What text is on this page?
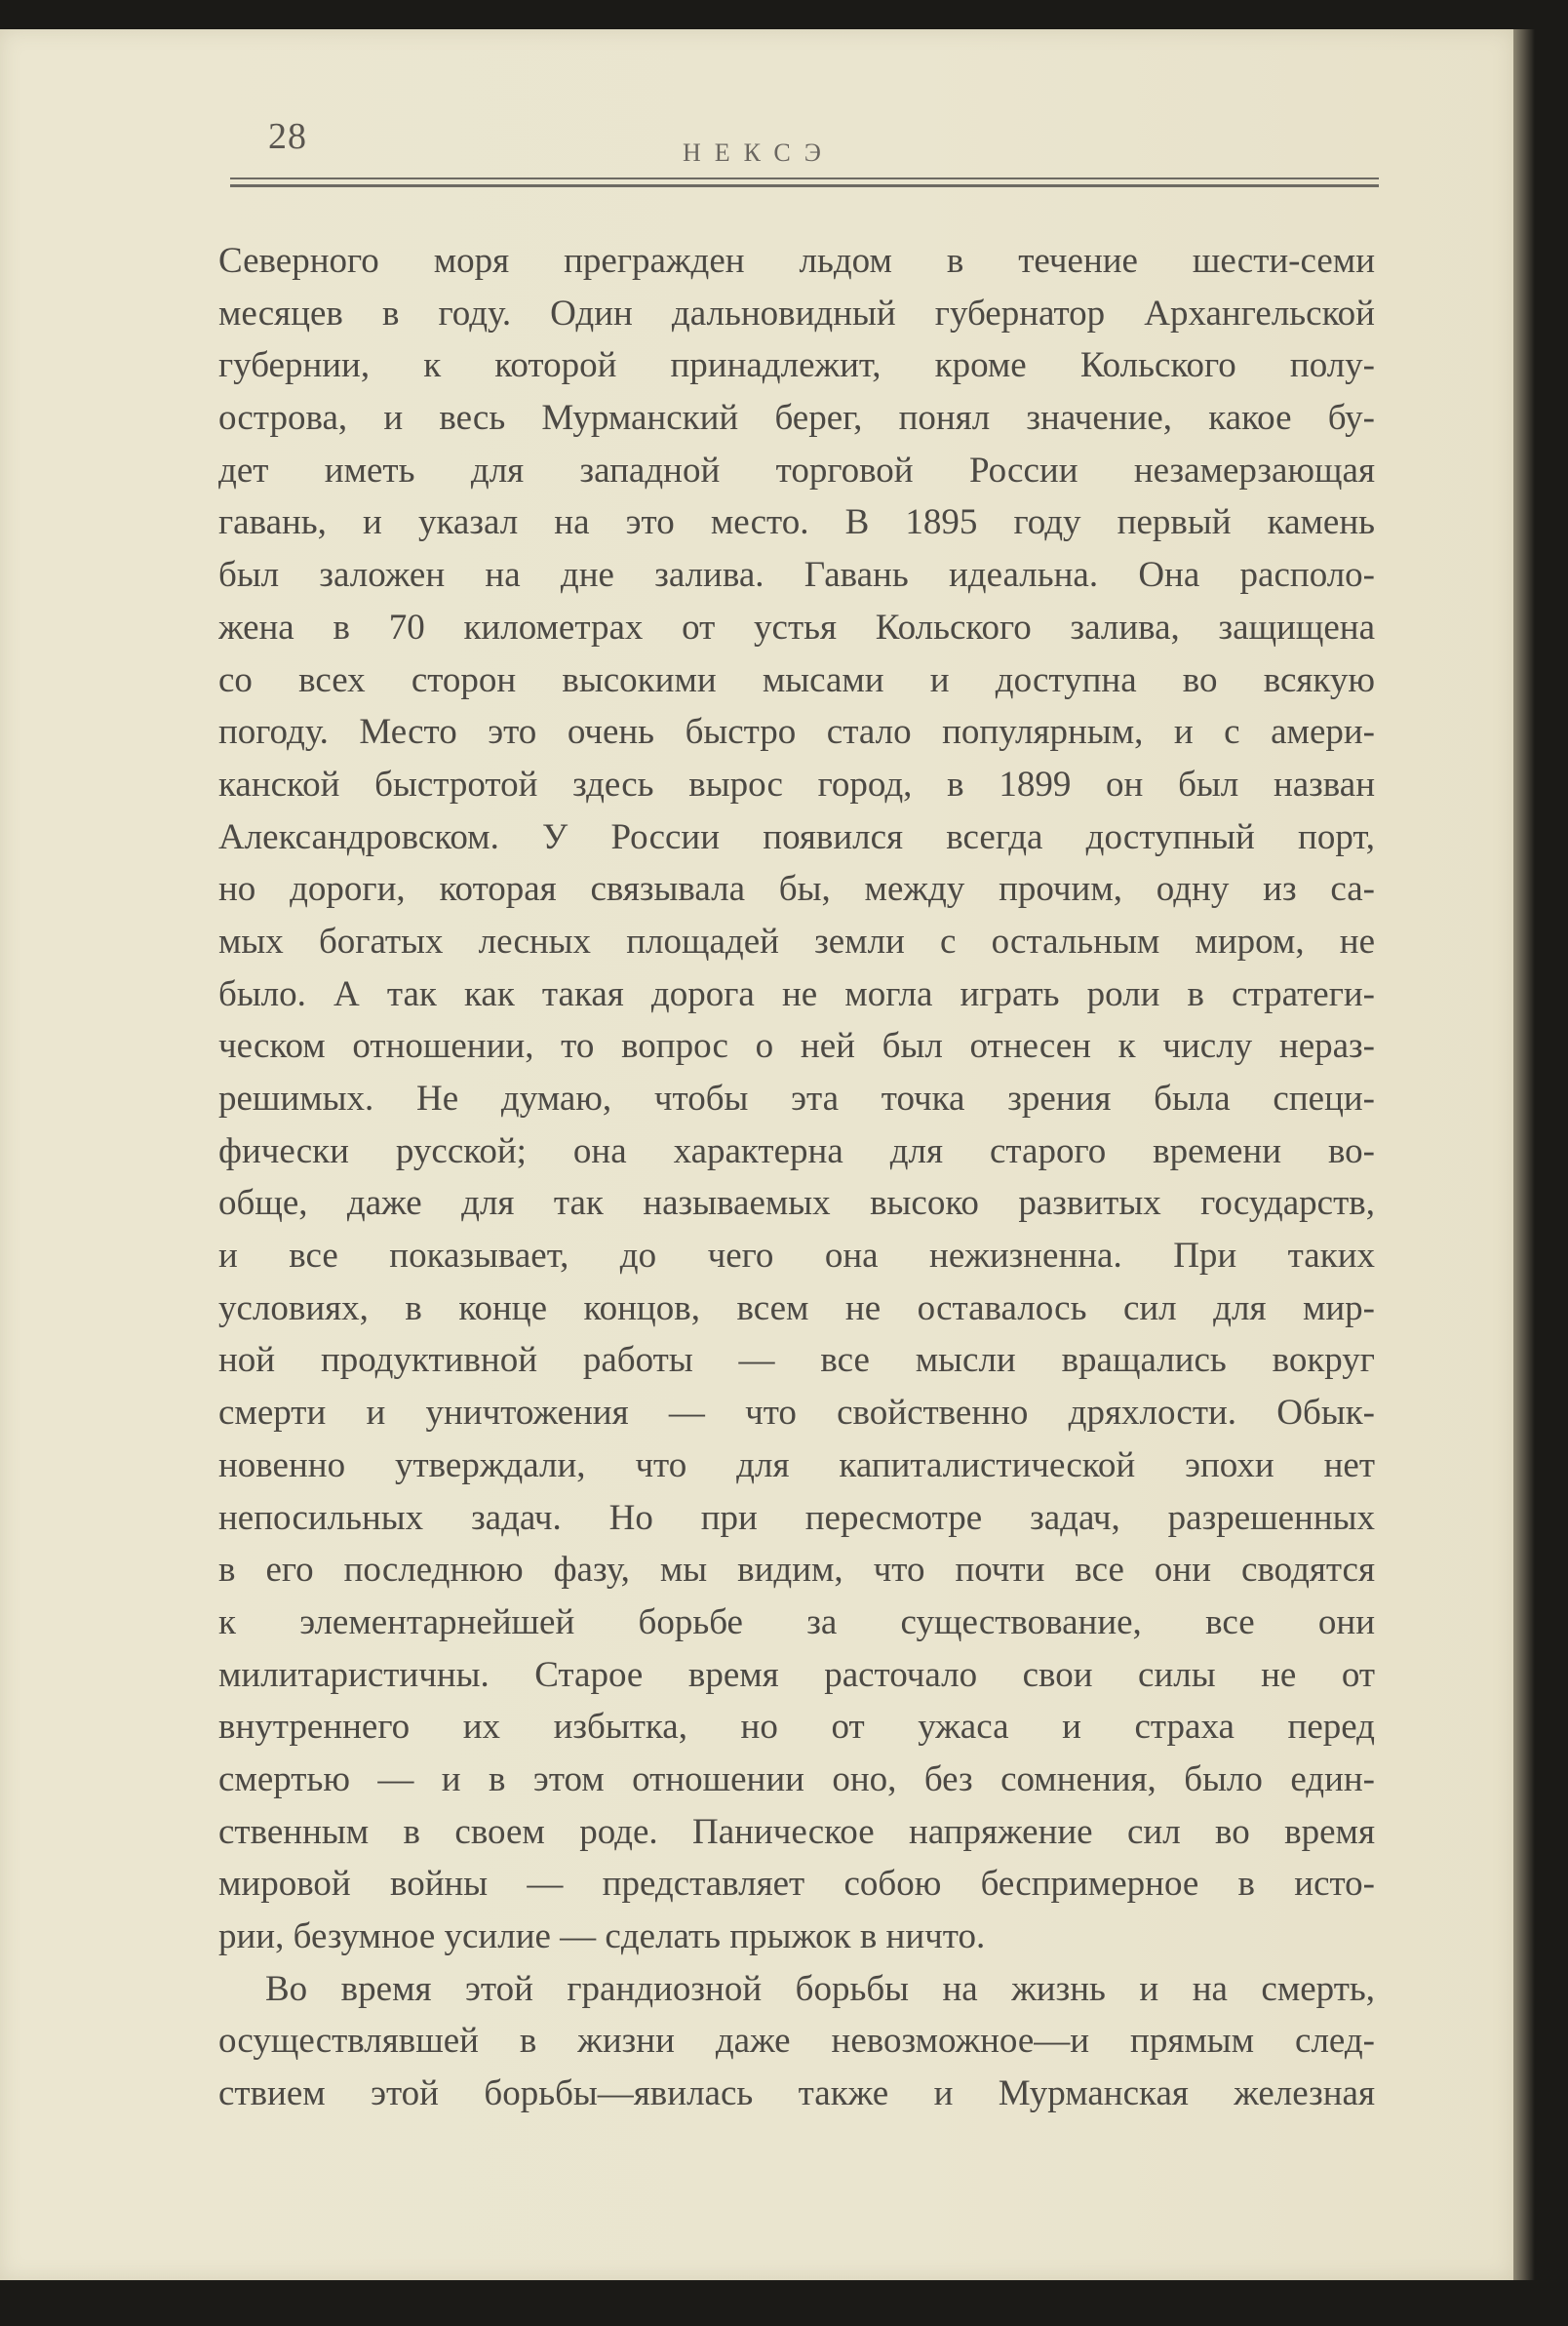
28	НЕКСЭ
Северного моря прегражден льдом в течение шести-семи
месяцев в году. Один дальновидный губернатор Архангельской
губернии, к которой принадлежит, кроме Кольского полу-
острова, и весь Мурманский берег, понял значение, какое бу-
дет иметь для западной торговой России незамерзающая
гавань, и указал на это место. В 1895 году первый камень
был заложен на дне залива. Гавань идеальна. Она располо-
жена в 70 километрах от устья Кольского залива, защищена
со всех сторон высокими мысами и доступна во всякую
погоду. Место это очень быстро стало популярным, и с амери-
канской быстротой здесь вырос город, в 1899 он был назван
Александровском. У России появился всегда доступный порт,
но дороги, которая связывала бы, между прочим, одну из са-
мых богатых лесных площадей земли с остальным миром, не
было. А так как такая дорога не могла играть роли в стратеги-
ческом отношении, то вопрос о ней был отнесен к числу нераз-
решимых. Не думаю, чтобы эта точка зрения была специ-
фически русской; она характерна для старого времени во-
обще, даже для так называемых высоко развитых государств,
и все показывает, до чего она нежизненна. При таких
условиях, в конце концов, всем не оставалось сил для мир-
ной продуктивной работы — все мысли вращались вокруг
смерти и уничтожения — что свойственно дряхлости. Обык-
новенно утверждали, что для капиталистической эпохи нет
непосильных задач. Но при пересмотре задач, разрешенных
в его последнюю фазу, мы видим, что почти все они сводятся
к элементарнейшей борьбе за существование, все они
милитаристичны. Старое время расточало свои силы не от
внутреннего их избытка, но от ужаса и страха перед
смертью — и в этом отношении оно, без сомнения, было един-
ственным в своем роде. Паническое напряжение сил во время
мировой войны — представляет собою беспримерное в исто-
рии, безумное усилие — сделать прыжок в ничто.
Во время этой грандиозной борьбы на жизнь и на смерть,
осуществлявшей в жизни даже невозможное—и прямым след-
ствием этой борьбы—явилась также и Мурманская железная
